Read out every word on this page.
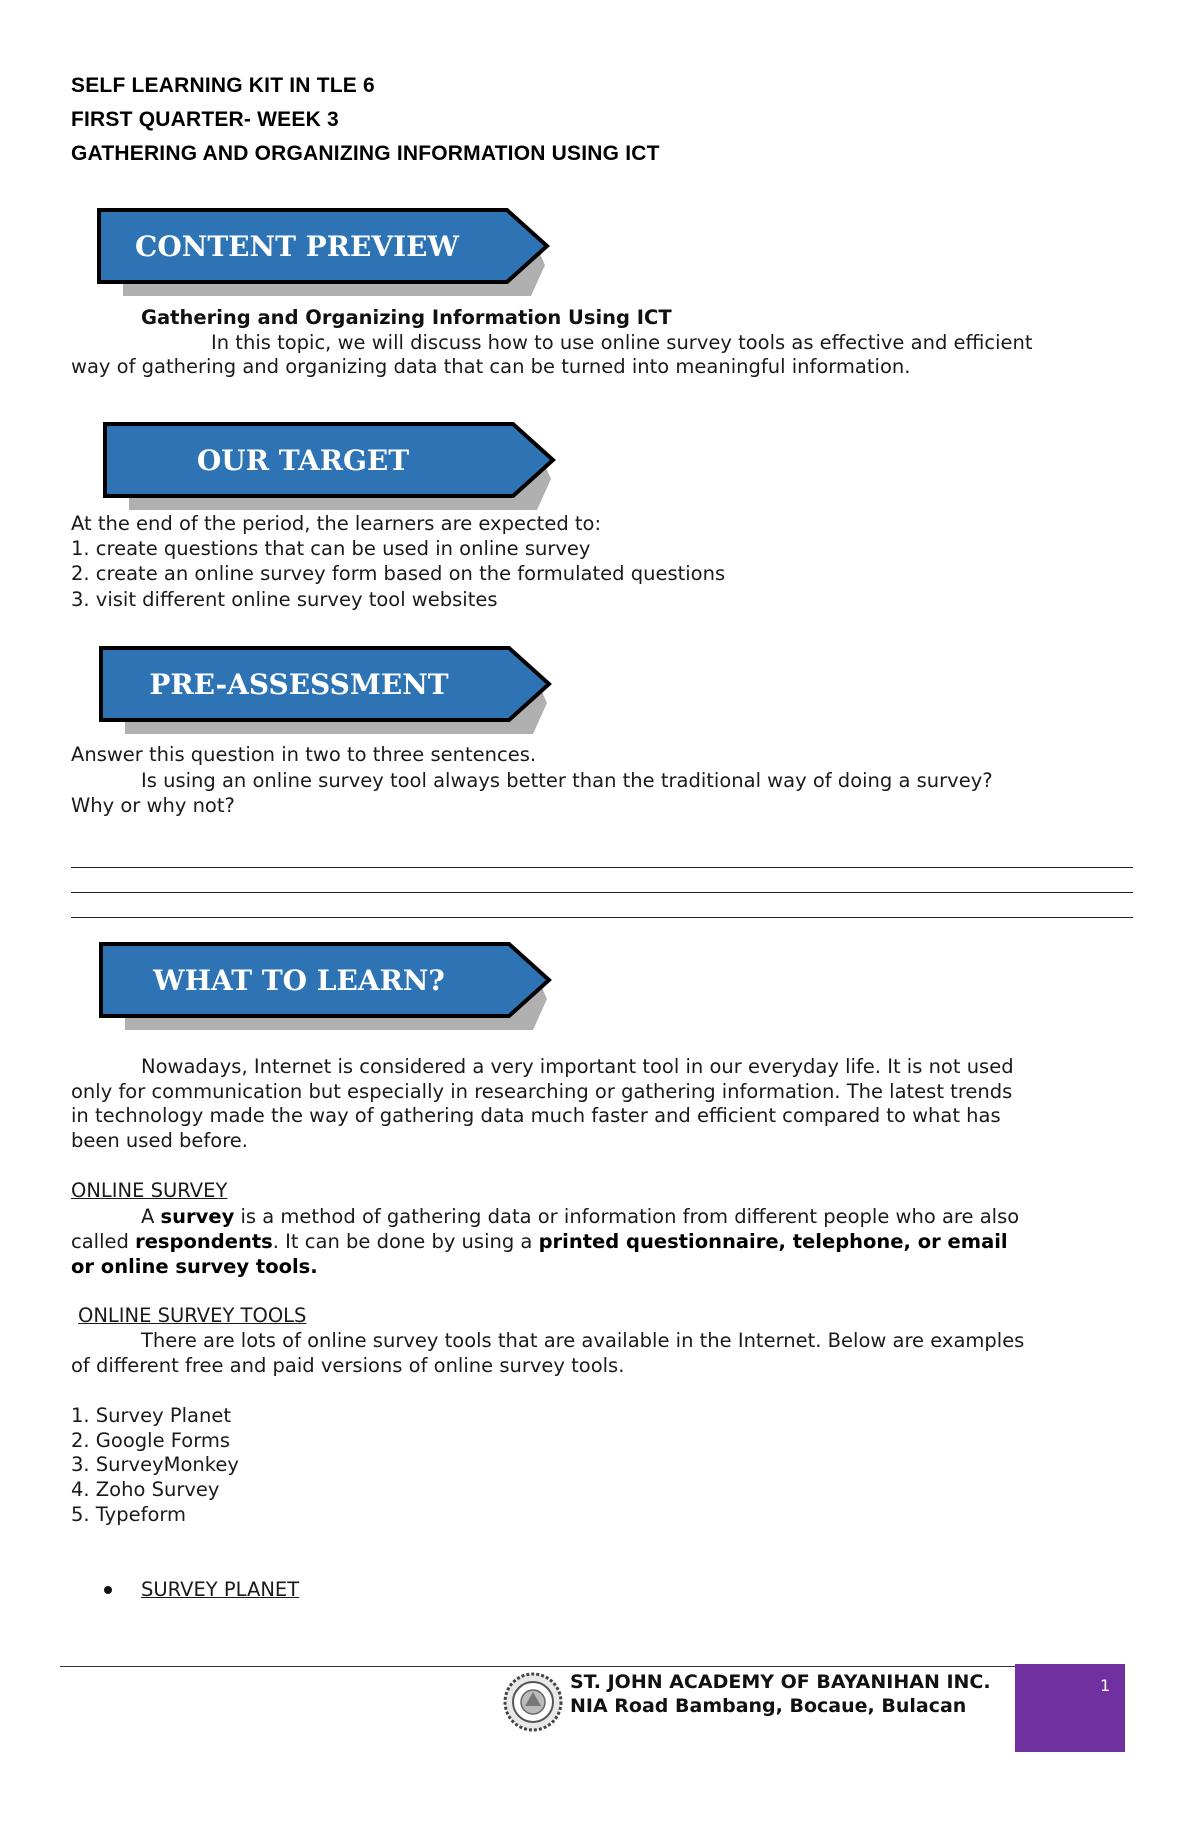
SELF LEARNING KIT IN TLE 6
FIRST QUARTER- WEEK 3
GATHERING AND ORGANIZING INFORMATION USING ICT
CONTENT PREVIEW
Gathering and Organizing Information Using ICT
In this topic, we will discuss how to use online survey tools as effective and efficient
way of gathering and organizing data that can be turned into meaningful information.
OUR TARGET
At the end of the period, the learners are expected to:
1. create questions that can be used in online survey
2. create an online survey form based on the formulated questions
3. visit different online survey tool websites
PRE-ASSESSMENT
Answer this question in two to three sentences.
Is using an online survey tool always better than the traditional way of doing a survey?
Why or why not?
WHAT TO LEARN?
Nowadays, Internet is considered a very important tool in our everyday life. It is not used
only for communication but especially in researching or gathering information. The latest trends
in technology made the way of gathering data much faster and efficient compared to what has
been used before.
ONLINE SURVEY
A survey is a method of gathering data or information from different people who are also
called respondents. It can be done by using a printed questionnaire, telephone, or email
or online survey tools.
ONLINE SURVEY TOOLS
There are lots of online survey tools that are available in the Internet. Below are examples
of different free and paid versions of online survey tools.
1. Survey Planet
2. Google Forms
3. SurveyMonkey
4. Zoho Survey
5. Typeform
SURVEY PLANET
ST. JOHN ACADEMY OF BAYANIHAN INC.
NIA Road Bambang, Bocaue, Bulacan
1
